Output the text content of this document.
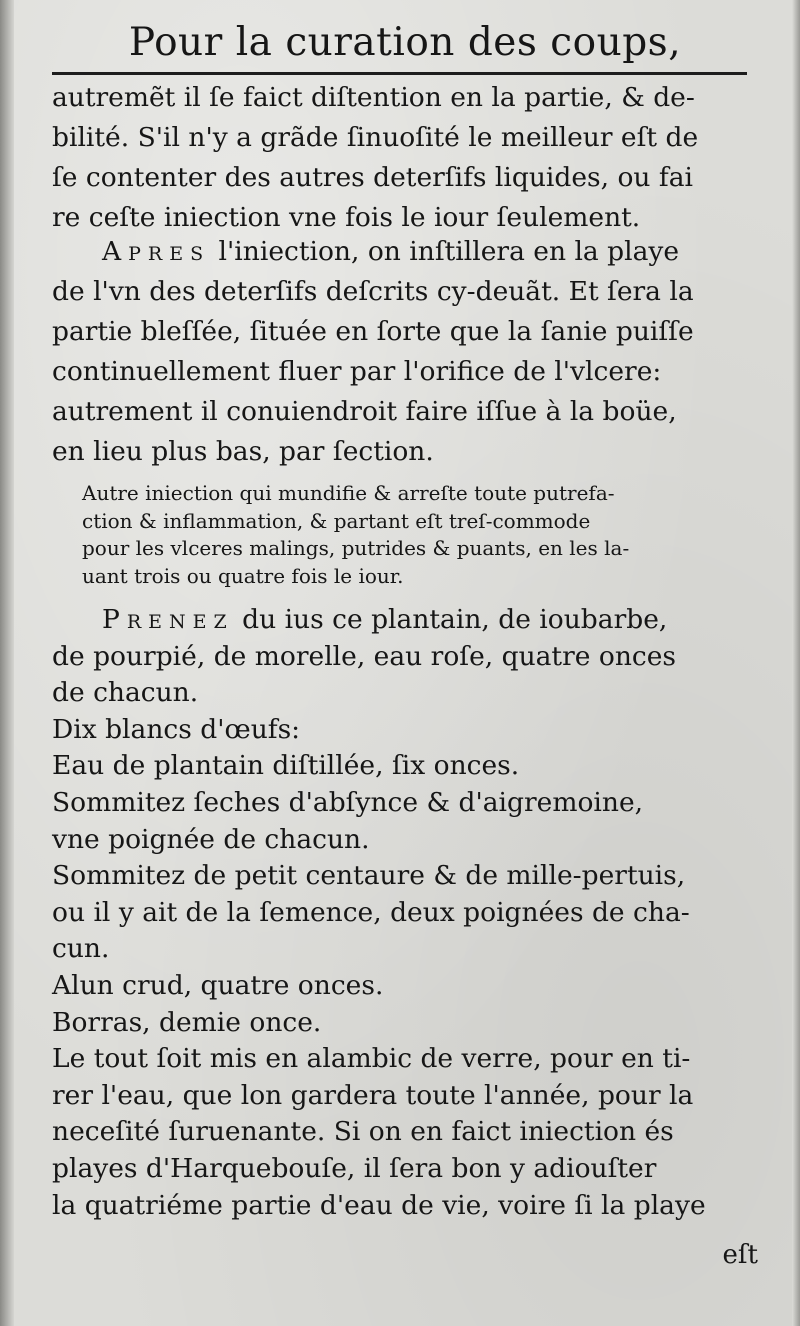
Pour la curation des coups,
autremẽt il ſe faict diſtention en la partie, & de-
bilité. S'il n'y a grãde ſinuoſité le meilleur eſt de
ſe contenter des autres deterſifs liquides, ou fai
re ceſte iniection vne fois le iour ſeulement.
Apres l'iniection, on inſtillera en la playe
de l'vn des deterſifs deſcrits cy-deuãt. Et ſera la
partie bleſſée, ſituée en ſorte que la ſanie puiſſe
continuellement fluer par l'orifice de l'vlcere:
autrement il conuiendroit faire iſſue à la boüe,
en lieu plus bas, par ſection.
Autre iniection qui mundifie & arreſte toute putrefa-
ction & inflammation, & partant eſt treſ-commode
pour les vlceres malings, putrides & puants, en les la-
uant trois ou quatre fois le iour.
Prenez du ius ce plantain, de ioubarbe,
de pourpié, de morelle, eau roſe, quatre onces
de chacun.
Dix blancs d'œufs:
Eau de plantain diſtillée, ſix onces.
Sommitez ſeches d'abſynce & d'aigremoine,
vne poignée de chacun.
Sommitez de petit centaure & de mille-pertuis,
ou il y ait de la ſemence, deux poignées de cha-
cun.
Alun crud, quatre onces.
Borras, demie once.
Le tout ſoit mis en alambic de verre, pour en ti-
rer l'eau, que lon gardera toute l'année, pour la
neceſité ſuruenante. Si on en faict iniection és
playes d'Harquebouſe, il ſera bon y adiouſter
la quatriéme partie d'eau de vie, voire ſi la playe
eſt
